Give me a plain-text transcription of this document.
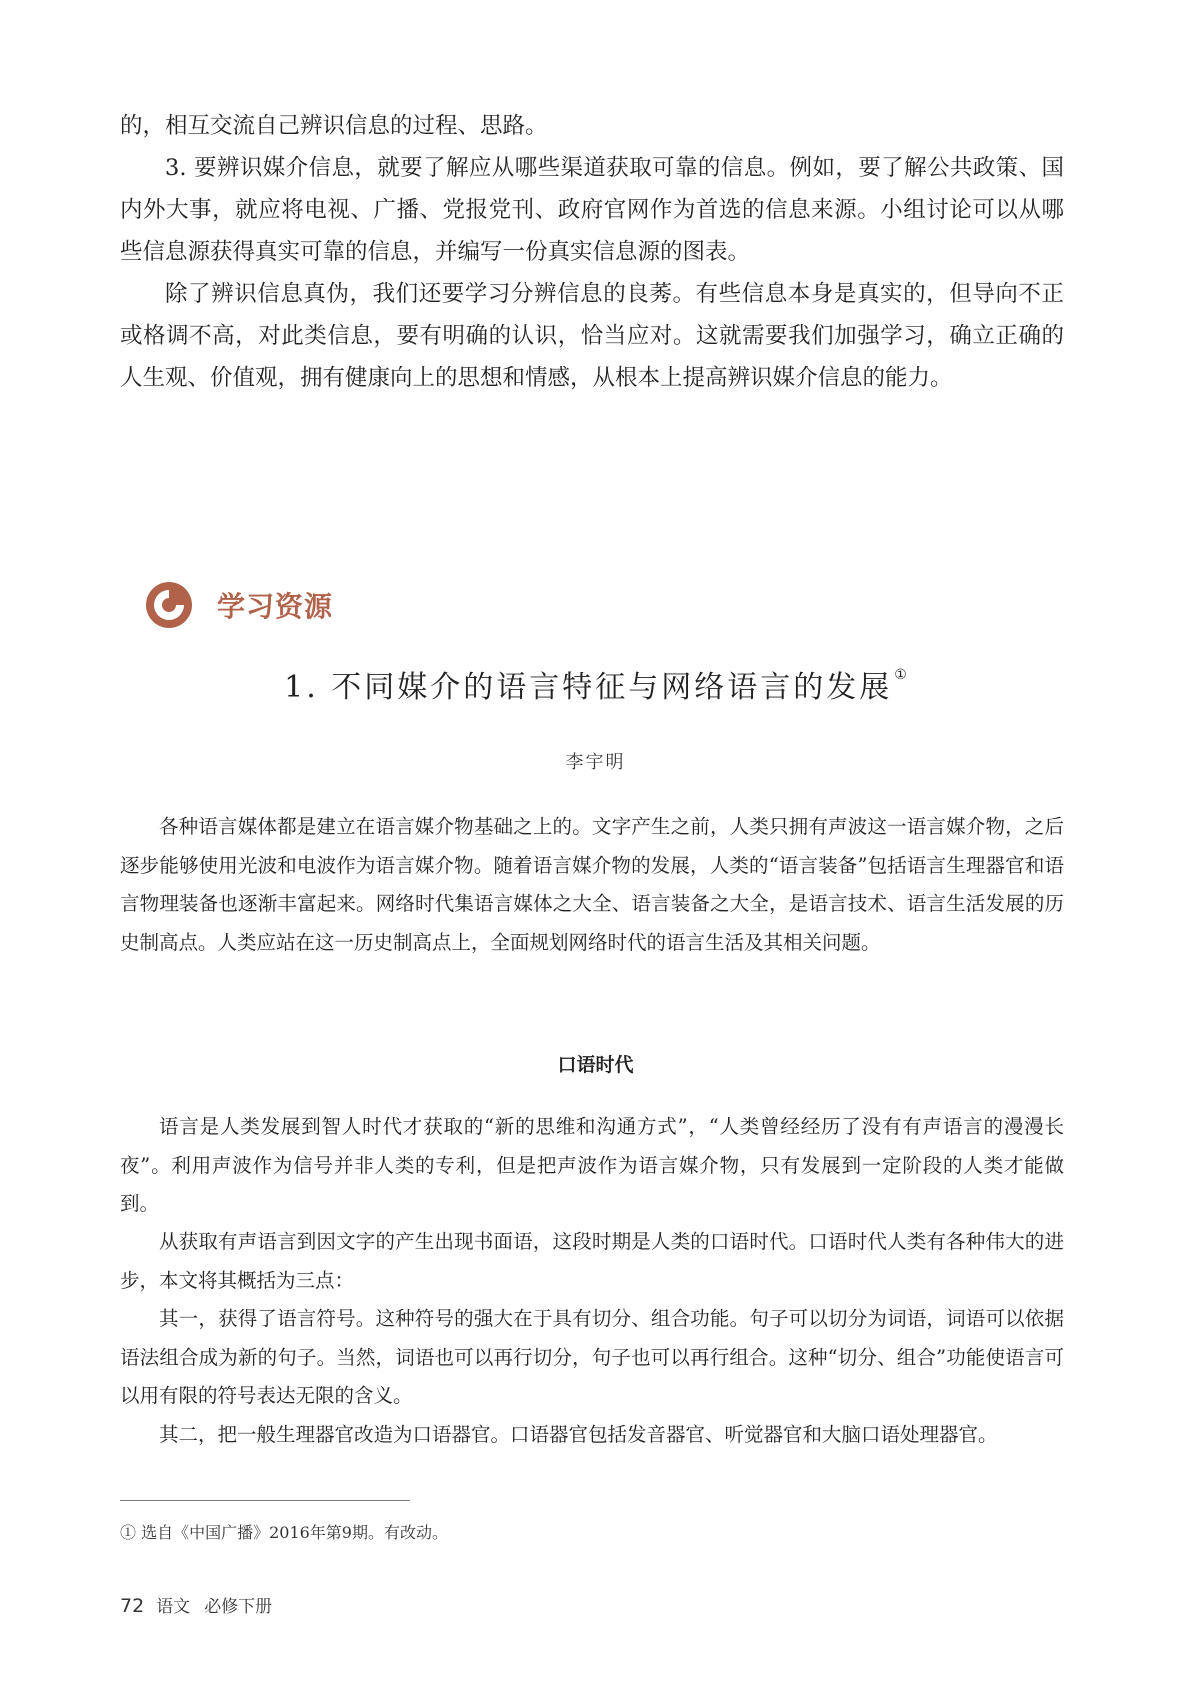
的，相互交流自己辨识信息的过程、思路。

3. 要辨识媒介信息，就要了解应从哪些渠道获取可靠的信息。例如，要了解公共政策、国内外大事，就应将电视、广播、党报党刊、政府官网作为首选的信息来源。小组讨论可以从哪些信息源获得真实可靠的信息，并编写一份真实信息源的图表。

除了辨识信息真伪，我们还要学习分辨信息的良莠。有些信息本身是真实的，但导向不正或格调不高，对此类信息，要有明确的认识，恰当应对。这就需要我们加强学习，确立正确的人生观、价值观，拥有健康向上的思想和情感，从根本上提高辨识媒介信息的能力。

学习资源
1. 不同媒介的语言特征与网络语言的发展 ①
李宇明

各种语言媒体都是建立在语言媒介物基础之上的。文字产生之前，人类只拥有声波这一语言媒介物，之后逐步能够使用光波和电波作为语言媒介物。随着语言媒介物的发展，人类的“语言装备”包括语言生理器官和语言物理装备也逐渐丰富起来。网络时代集语言媒体之大全、语言装备之大全，是语言技术、语言生活发展的历史制高点。人类应站在这一历史制高点上，全面规划网络时代的语言生活及其相关问题。

口语时代

语言是人类发展到智人时代才获取的“新的思维和沟通方式”，“人类曾经经历了没有有声语言的漫漫长夜”。利用声波作为信号并非人类的专利，但是把声波作为语言媒介物，只有发展到一定阶段的人类才能做到。

从获取有声语言到因文字的产生出现书面语，这段时期是人类的口语时代。口语时代人类有各种伟大的进步，本文将其概括为三点：

其一，获得了语言符号。这种符号的强大在于具有切分、组合功能。句子可以切分为词语，词语可以依据语法组合成为新的句子。当然，词语也可以再行切分，句子也可以再行组合。这种“切分、组合”功能使语言可以用有限的符号表达无限的含义。

其二，把一般生理器官改造为口语器官。口语器官包括发音器官、听觉器官和大脑口语处理器官。

① 选自《中国广播》2016年第9期。有改动。
72 语文 必修下册
